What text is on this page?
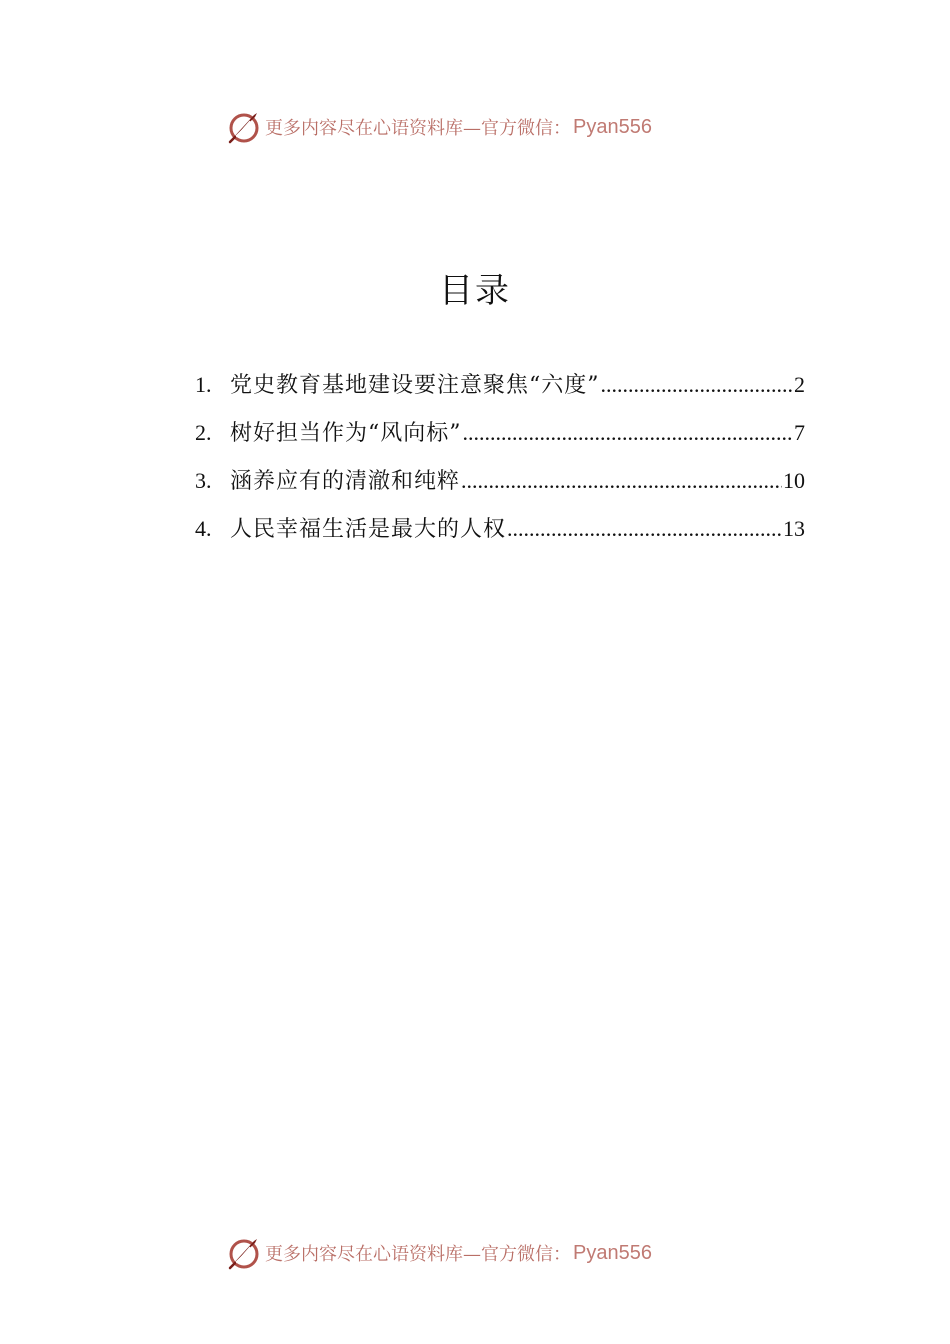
更多内容尽在心语资料库—官方微信： Pyan556
目录
1. 党史教育基地建设要注意聚焦“六度” .....	2
2. 树好担当作为“风向标” .....	7
3. 涵养应有的清澈和纯粹 .....	10
4. 人民幸福生活是最大的人权 .....	13
更多内容尽在心语资料库—官方微信： Pyan556
